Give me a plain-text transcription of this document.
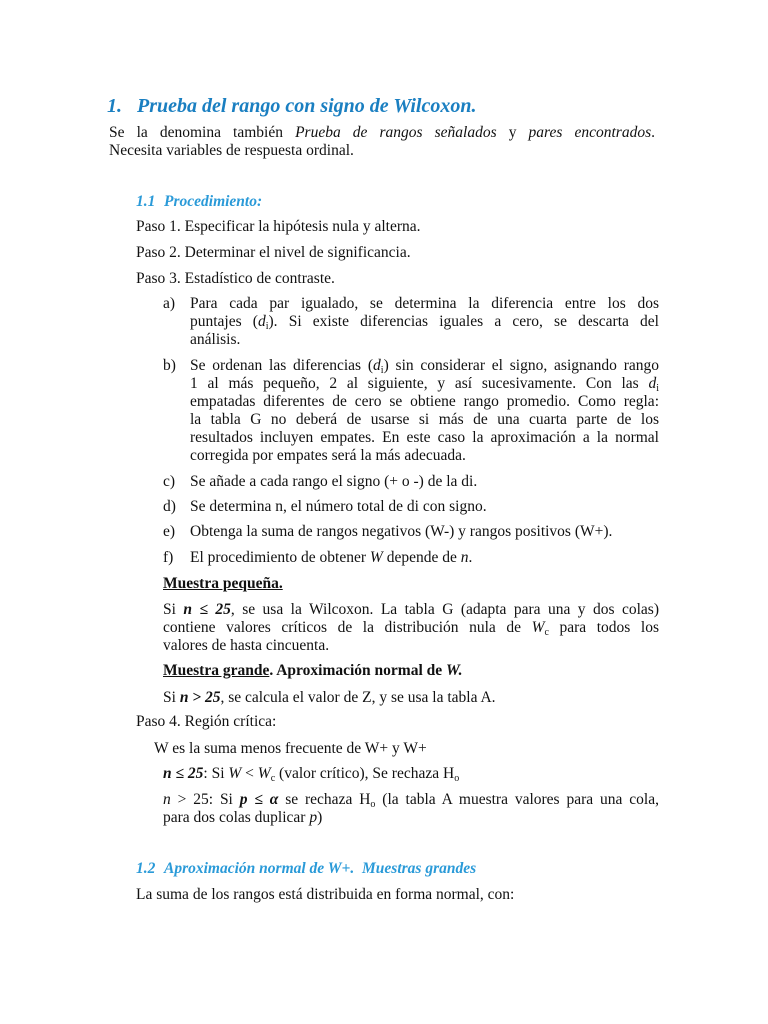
1. Prueba del rango con signo de Wilcoxon.
Se la denomina también Prueba de rangos señalados y pares encontrados.
Necesita variables de respuesta ordinal.
1.1 Procedimiento:
Paso 1. Especificar la hipótesis nula y alterna.
Paso 2. Determinar el nivel de significancia.
Paso 3. Estadístico de contraste.
a) Para cada par igualado, se determina la diferencia entre los dos
puntajes (di). Si existe diferencias iguales a cero, se descarta del
análisis.
b) Se ordenan las diferencias (di) sin considerar el signo, asignando rango
1 al más pequeño, 2 al siguiente, y así sucesivamente. Con las di
empatadas diferentes de cero se obtiene rango promedio. Como regla:
la tabla G no deberá de usarse si más de una cuarta parte de los
resultados incluyen empates. En este caso la aproximación a la normal
corregida por empates será la más adecuada.
c) Se añade a cada rango el signo (+ o -) de la di.
d) Se determina n, el número total de di con signo.
e) Obtenga la suma de rangos negativos (W-) y rangos positivos (W+).
f) El procedimiento de obtener W depende de n.
Muestra pequeña.
Si n ≤ 25, se usa la Wilcoxon. La tabla G (adapta para una y dos colas)
contiene valores críticos de la distribución nula de Wc para todos los
valores de hasta cincuenta.
Muestra grande. Aproximación normal de W.
Si n > 25, se calcula el valor de Z, y se usa la tabla A.
Paso 4. Región crítica:
W es la suma menos frecuente de W+ y W+
n ≤ 25: Si W < Wc (valor crítico), Se rechaza Ho
n > 25: Si p ≤ α se rechaza Ho (la tabla A muestra valores para una cola,
para dos colas duplicar p)
1.2 Aproximación normal de W+.  Muestras grandes
La suma de los rangos está distribuida en forma normal, con:
